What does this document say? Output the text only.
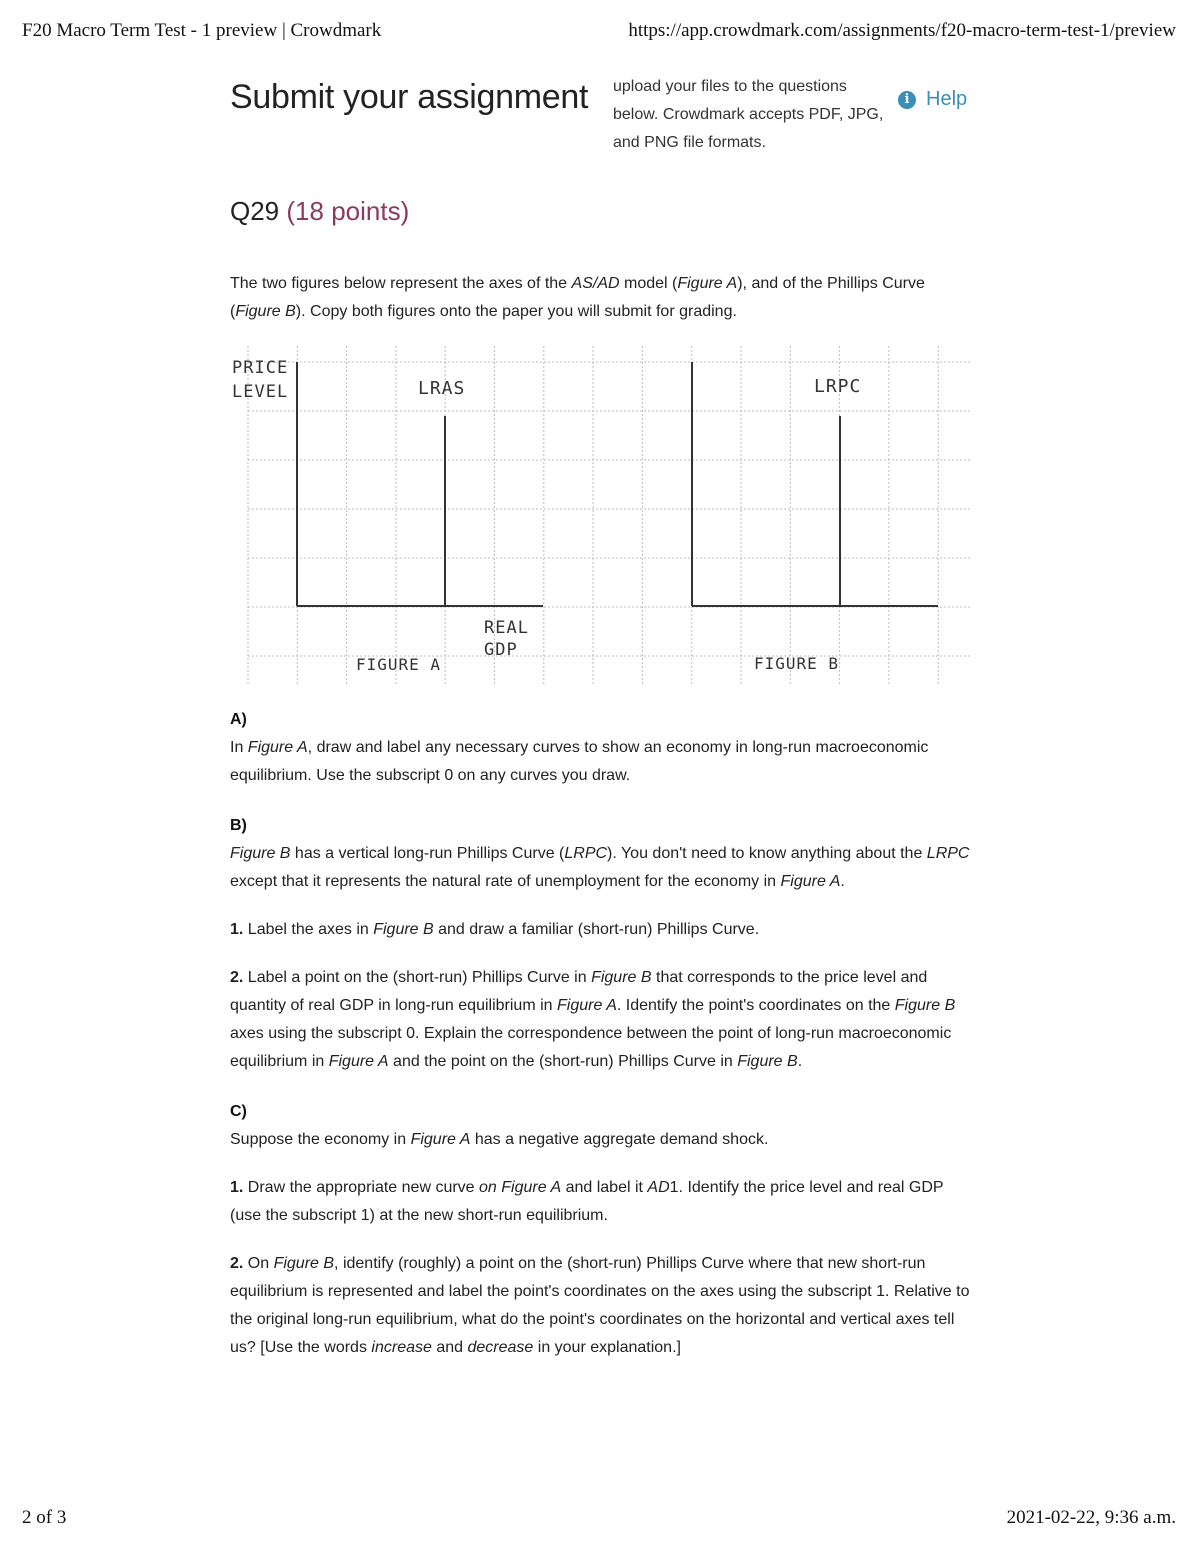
F20 Macro Term Test - 1 preview | Crowdmark	https://app.crowdmark.com/assignments/f20-macro-term-test-1/preview
Submit your assignment upload your files to the questions below. Crowdmark accepts PDF, JPG, and PNG file formats.
i Help
Q29 (18 points)

The two figures below represent the axes of the AS/AD model (Figure A), and of the Phillips Curve (Figure B). Copy both figures onto the paper you will submit for grading.

PRICE
LEVEL	LRAS
REAL
GDP
FIGURE A
LRPC
FIGURE B
A)

In Figure A, draw and label any necessary curves to show an economy in long-run macroeconomic equilibrium. Use the subscript 0 on any curves you draw.

B)

Figure B has a vertical long-run Phillips Curve (LRPC). You don't need to know anything about the LRPC except that it represents the natural rate of unemployment for the economy in Figure A.

1. Label the axes in Figure B and draw a familiar (short-run) Phillips Curve.

2. Label a point on the (short-run) Phillips Curve in Figure B that corresponds to the price level and quantity of real GDP in long-run equilibrium in Figure A. Identify the point's coordinates on the Figure B axes using the subscript 0. Explain the correspondence between the point of long-run macroeconomic equilibrium in Figure A and the point on the (short-run) Phillips Curve in Figure B.

C)

Suppose the economy in Figure A has a negative aggregate demand shock.

1. Draw the appropriate new curve on Figure A and label it AD1. Identify the price level and real GDP (use the subscript 1) at the new short-run equilibrium.

2. On Figure B, identify (roughly) a point on the (short-run) Phillips Curve where that new short-run equilibrium is represented and label the point's coordinates on the axes using the subscript 1. Relative to the original long-run equilibrium, what do the point's coordinates on the horizontal and vertical axes tell us? [Use the words increase and decrease in your explanation.]

2 of 3	2021-02-22, 9:36 a.m.
